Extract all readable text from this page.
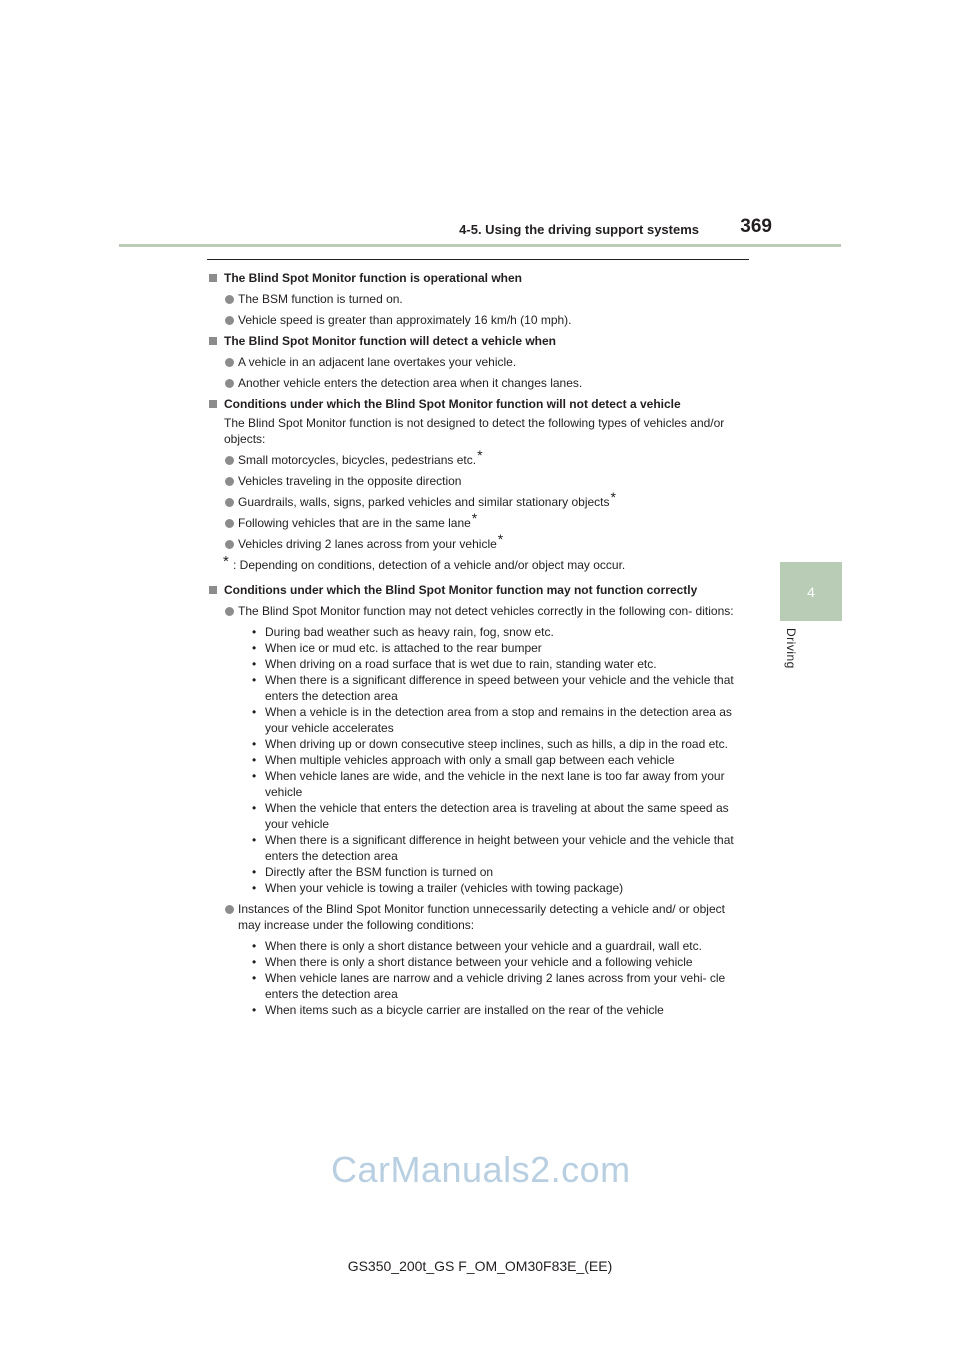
4-5. Using the driving support systems 369
4
Driving
The Blind Spot Monitor function is operational when
The BSM function is turned on.
Vehicle speed is greater than approximately 16 km/h (10 mph).
The Blind Spot Monitor function will detect a vehicle when
A vehicle in an adjacent lane overtakes your vehicle.
Another vehicle enters the detection area when it changes lanes.
Conditions under which the Blind Spot Monitor function will not detect a vehicle
The Blind Spot Monitor function is not designed to detect the following types of vehicles and/or objects:
Small motorcycles, bicycles, pedestrians etc.*
Vehicles traveling in the opposite direction
Guardrails, walls, signs, parked vehicles and similar stationary objects*
Following vehicles that are in the same lane*
Vehicles driving 2 lanes across from your vehicle*
* : Depending on conditions, detection of a vehicle and/or object may occur.
Conditions under which the Blind Spot Monitor function may not function correctly
The Blind Spot Monitor function may not detect vehicles correctly in the following con- ditions:
• During bad weather such as heavy rain, fog, snow etc.
• When ice or mud etc. is attached to the rear bumper
• When driving on a road surface that is wet due to rain, standing water etc.
• When there is a significant difference in speed between your vehicle and the vehicle that enters the detection area
• When a vehicle is in the detection area from a stop and remains in the detection area as your vehicle accelerates
• When driving up or down consecutive steep inclines, such as hills, a dip in the road etc.
• When multiple vehicles approach with only a small gap between each vehicle
• When vehicle lanes are wide, and the vehicle in the next lane is too far away from your vehicle
• When the vehicle that enters the detection area is traveling at about the same speed as your vehicle
• When there is a significant difference in height between your vehicle and the vehicle that enters the detection area
• Directly after the BSM function is turned on
• When your vehicle is towing a trailer (vehicles with towing package)
Instances of the Blind Spot Monitor function unnecessarily detecting a vehicle and/ or object may increase under the following conditions:
• When there is only a short distance between your vehicle and a guardrail, wall etc.
• When there is only a short distance between your vehicle and a following vehicle
• When vehicle lanes are narrow and a vehicle driving 2 lanes across from your vehi- cle enters the detection area
• When items such as a bicycle carrier are installed on the rear of the vehicle
CarManuals2.com
GS350_200t_GS F_OM_OM30F83E_(EE)
